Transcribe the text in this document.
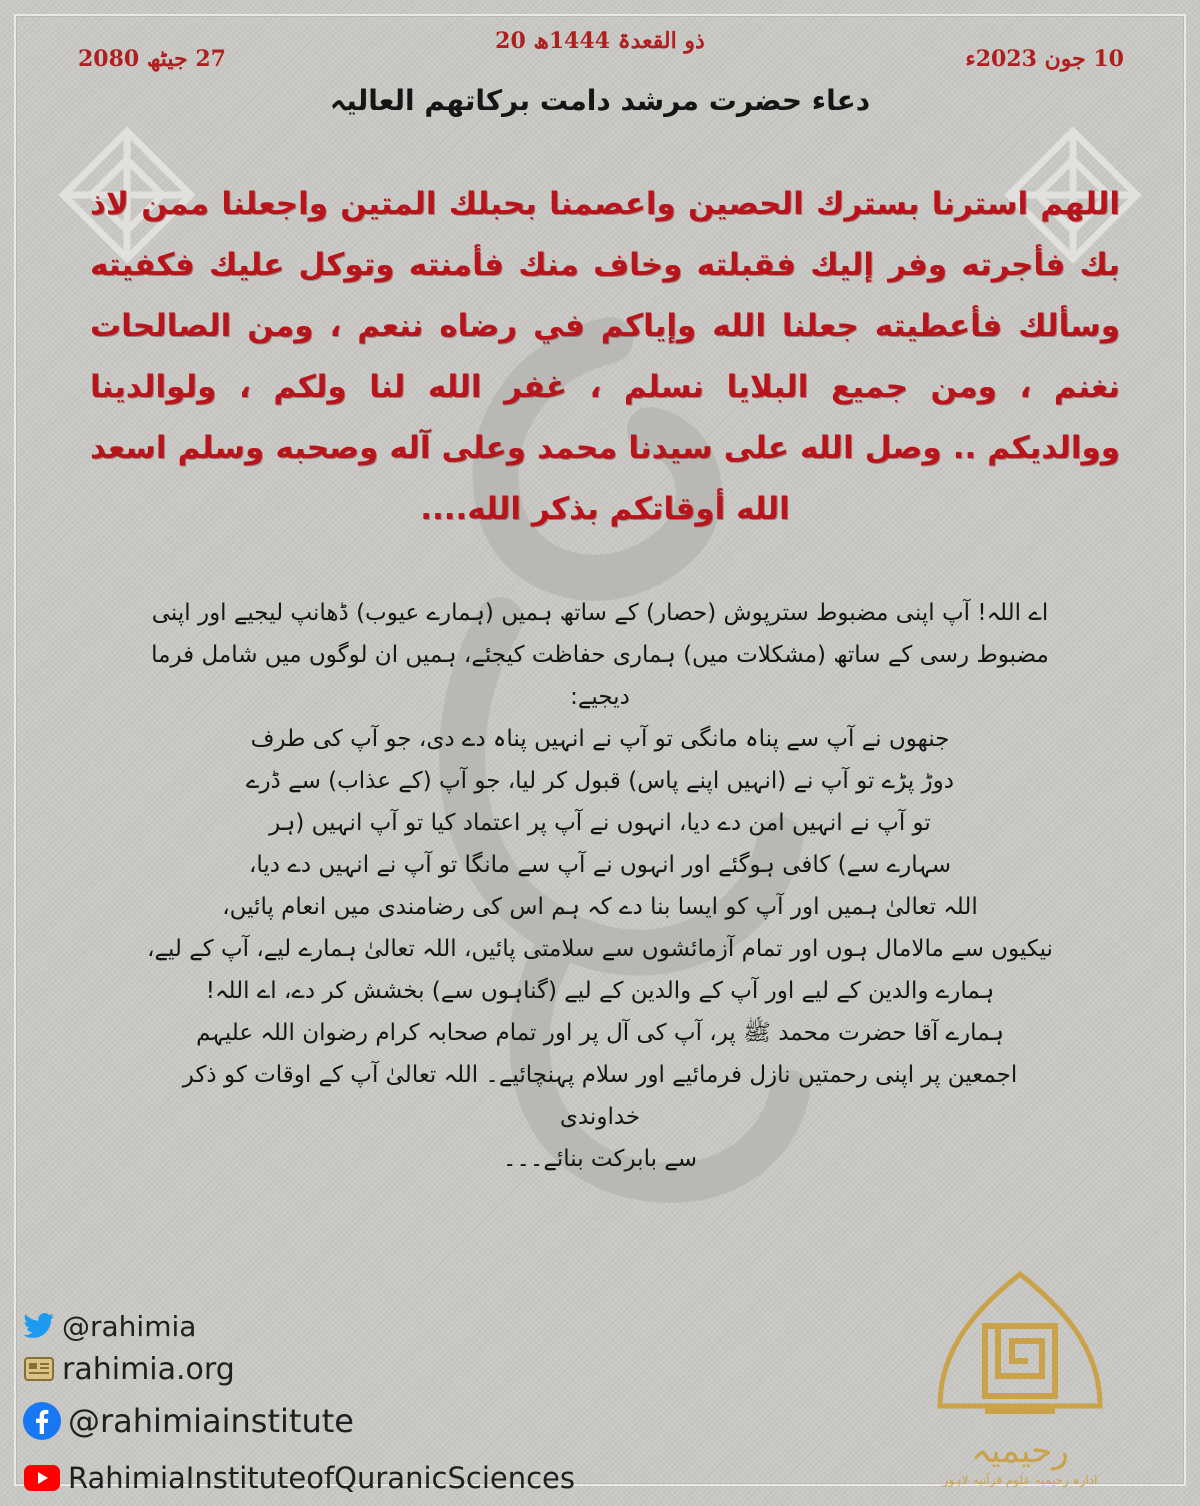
20 ذو القعدۃ 1444ھ
27 جیٹھ 2080	10 جون 2023ء
دعاء حضرت مرشد دامت برکاتھم العالیہ
اللهم استرنا بسترك الحصين واعصمنا بحبلك المتين واجعلنا ممن لاذ بك فأجرته وفر إليك فقبلته وخاف منك فأمنته وتوكل عليك فكفيته وسألك فأعطيته جعلنا الله وإياكم في رضاه ننعم ، ومن الصالحات نغنم ، ومن جميع البلايا نسلم ، غفر الله لنا ولكم ، ولوالدينا ووالديكم .. وصل الله على سيدنا محمد وعلى آله وصحبه وسلم اسعد الله أوقاتكم بذكر الله....
اے اللہ! آپ اپنی مضبوط سترپوش (حصار) کے ساتھ ہمیں (ہمارے عیوب) ڈھانپ لیجیے اور اپنی
مضبوط رسی کے ساتھ (مشکلات میں) ہماری حفاظت کیجئے، ہمیں ان لوگوں میں شامل فرما دیجیے:
جنھوں نے آپ سے پناہ مانگی تو آپ نے انہیں پناہ دے دی، جو آپ کی طرف
دوڑ پڑے تو آپ نے (انہیں اپنے پاس) قبول کر لیا، جو آپ (کے عذاب) سے ڈرے
تو آپ نے انہیں امن دے دیا، انہوں نے آپ پر اعتماد کیا تو آپ انہیں (ہر
سہارے سے) کافی ہوگئے اور انہوں نے آپ سے مانگا تو آپ نے انہیں دے دیا،
اللہ تعالیٰ ہمیں اور آپ کو ایسا بنا دے کہ ہم اس کی رضامندی میں انعام پائیں،
نیکیوں سے مالامال ہوں اور تمام آزمائشوں سے سلامتی پائیں، اللہ تعالیٰ ہمارے لیے، آپ کے لیے،
ہمارے والدین کے لیے اور آپ کے والدین کے لیے (گناہوں سے) بخشش کر دے، اے اللہ!
ہمارے آقا حضرت محمد ﷺ پر، آپ کی آل پر اور تمام صحابہ کرام رضوان اللہ علیہم
اجمعین پر اپنی رحمتیں نازل فرمائیے اور سلام پہنچائیے۔ اللہ تعالیٰ آپ کے اوقات کو ذکر خداوندی
سے بابرکت بنائے۔۔۔
@rahimia
rahimia.org
@rahimiainstitute
RahimiaInstituteofQuranicSciences
رحیمیہ
ادارہ رحیمیہ علوم قرآنیہ لاہور
